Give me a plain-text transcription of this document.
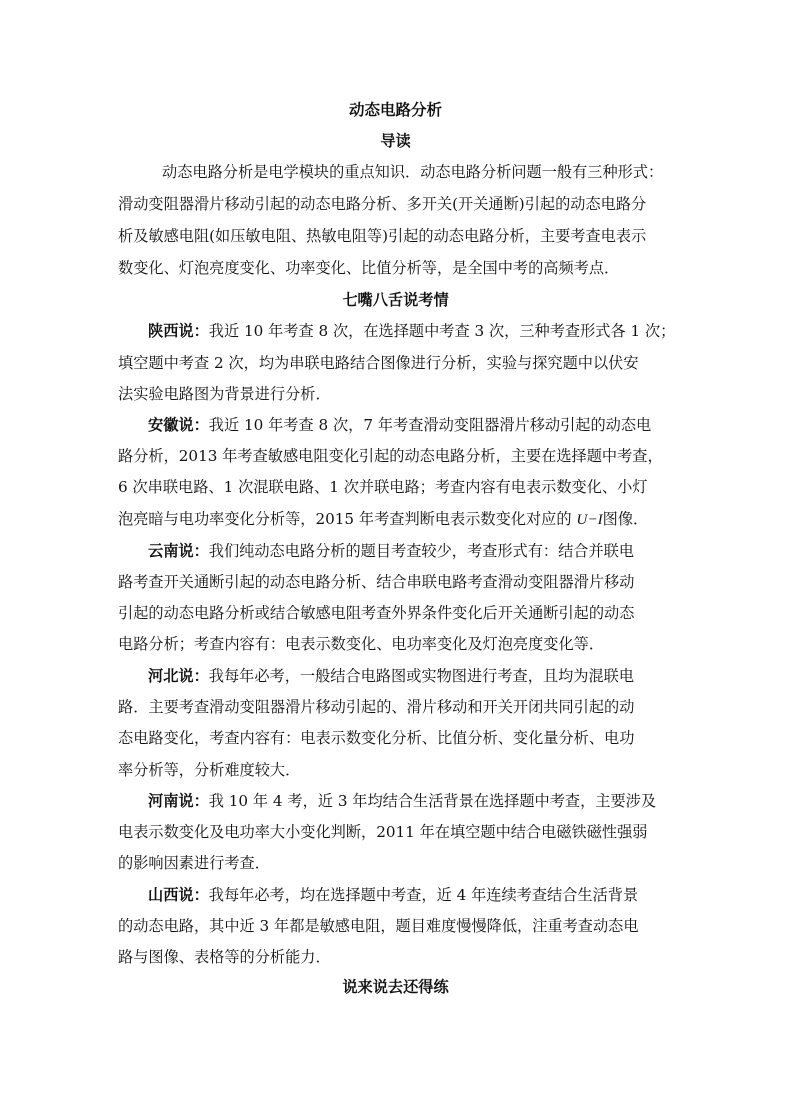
动态电路分析
导读
动态电路分析是电学模块的重点知识．动态电路分析问题一般有三种形式：
滑动变阻器滑片移动引起的动态电路分析、多开关(开关通断)引起的动态电路分
析及敏感电阻(如压敏电阻、热敏电阻等)引起的动态电路分析，主要考查电表示
数变化、灯泡亮度变化、功率变化、比值分析等，是全国中考的高频考点．
七嘴八舌说考情
陕西说：我近 10 年考查 8 次，在选择题中考查 3 次，三种考查形式各 1 次；
填空题中考查 2 次，均为串联电路结合图像进行分析，实验与探究题中以伏安
法实验电路图为背景进行分析．
安徽说：我近 10 年考查 8 次，7 年考查滑动变阻器滑片移动引起的动态电
路分析，2013 年考查敏感电阻变化引起的动态电路分析，主要在选择题中考查，
6 次串联电路、1 次混联电路、1 次并联电路；考查内容有电表示数变化、小灯
泡亮暗与电功率变化分析等，2015 年考查判断电表示数变化对应的 U−I图像．
云南说：我们纯动态电路分析的题目考查较少，考查形式有：结合并联电
路考查开关通断引起的动态电路分析、结合串联电路考查滑动变阻器滑片移动
引起的动态电路分析或结合敏感电阻考查外界条件变化后开关通断引起的动态
电路分析；考查内容有：电表示数变化、电功率变化及灯泡亮度变化等．
河北说：我每年必考，一般结合电路图或实物图进行考查，且均为混联电
路．主要考查滑动变阻器滑片移动引起的、滑片移动和开关开闭共同引起的动
态电路变化，考查内容有：电表示数变化分析、比值分析、变化量分析、电功
率分析等，分析难度较大．
河南说：我 10 年 4 考，近 3 年均结合生活背景在选择题中考查，主要涉及
电表示数变化及电功率大小变化判断，2011 年在填空题中结合电磁铁磁性强弱
的影响因素进行考查．
山西说：我每年必考，均在选择题中考查，近 4 年连续考查结合生活背景
的动态电路，其中近 3 年都是敏感电阻，题目难度慢慢降低，注重考查动态电
路与图像、表格等的分析能力．
说来说去还得练
